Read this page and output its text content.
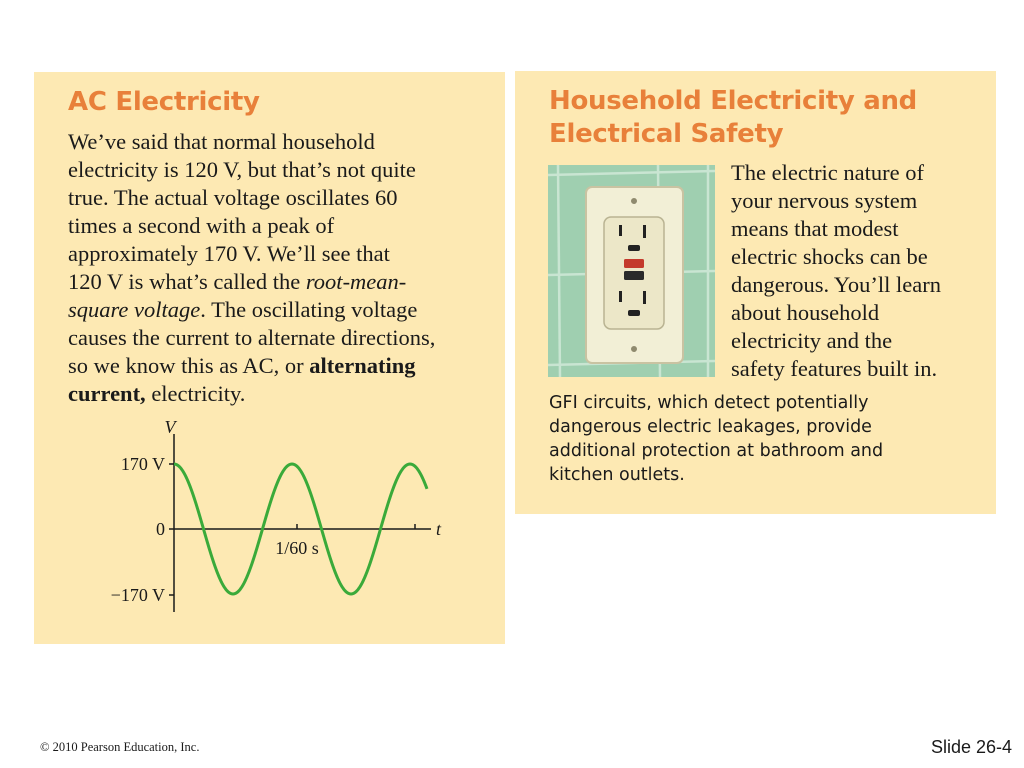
AC Electricity

We’ve said that normal household
electricity is 120 V, but that’s not quite
true. The actual voltage oscillates 60
times a second with a peak of
approximately 170 V. We’ll see that
120 V is what’s called the root-mean-
square voltage. The oscillating voltage
causes the current to alternate directions,
so we know this as AC, or alternating
current, electricity.

V
170 V
0
−170 V
1/60 s
t
Household Electricity and
Electrical Safety

The electric nature of
your nervous system
means that modest
electric shocks can be
dangerous. You’ll learn
about household
electricity and the
safety features built in.

GFI circuits, which detect potentially
dangerous electric leakages, provide
additional protection at bathroom and
kitchen outlets.

© 2010 Pearson Education, Inc.	Slide 26-4
